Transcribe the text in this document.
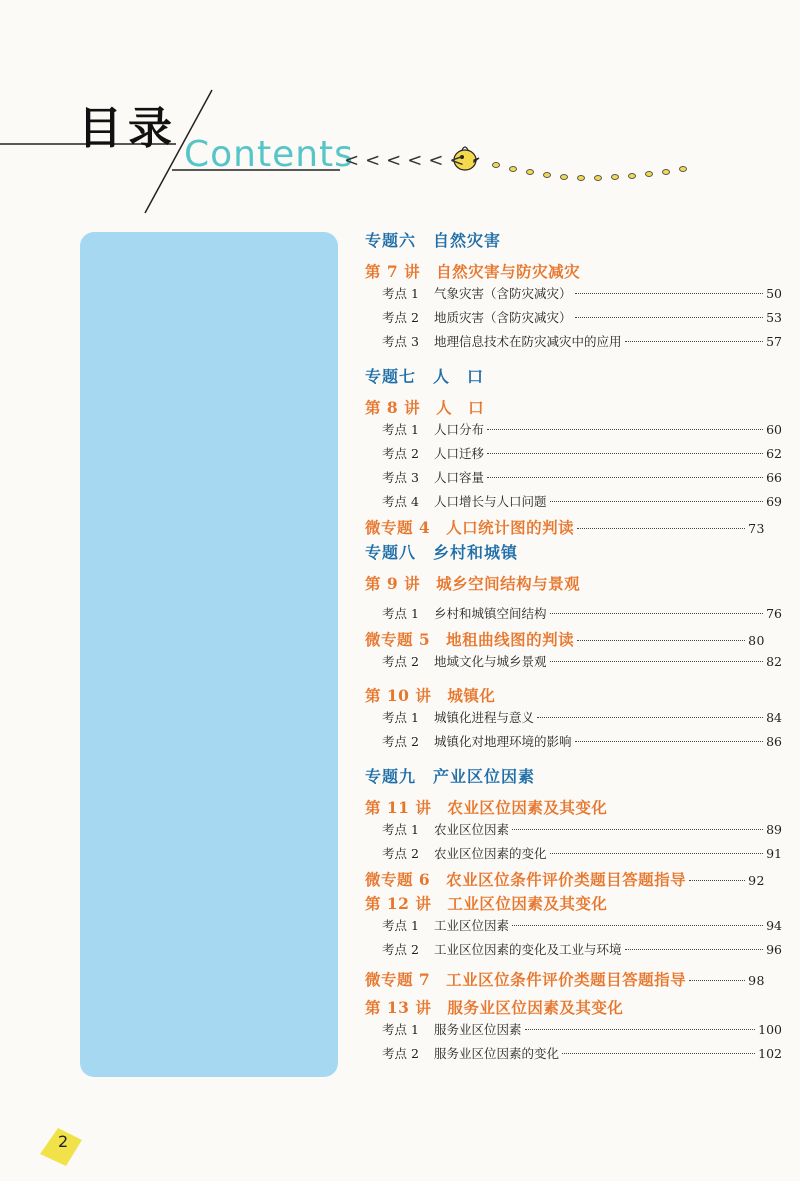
目录
Contents
<<<<<<
专题六　自然灾害
第 7 讲　自然灾害与防灾减灾
考点 1	气象灾害（含防灾减灾）	50
考点 2	地质灾害（含防灾减灾）	53
考点 3	地理信息技术在防灾减灾中的应用	57
专题七　人　口
第 8 讲　人　口
考点 1	人口分布	60
考点 2	人口迁移	62
考点 3	人口容量	66
考点 4	人口增长与人口问题	69
微专题 4　人口统计图的判读	73
专题八　乡村和城镇
第 9 讲　城乡空间结构与景观
考点 1	乡村和城镇空间结构	76
微专题 5　地租曲线图的判读	80
考点 2	地域文化与城乡景观	82
第 10 讲　城镇化
考点 1	城镇化进程与意义	84
考点 2	城镇化对地理环境的影响	86
专题九　产业区位因素
第 11 讲　农业区位因素及其变化
考点 1	农业区位因素	89
考点 2	农业区位因素的变化	91
微专题 6　农业区位条件评价类题目答题指导	92
第 12 讲　工业区位因素及其变化
考点 1	工业区位因素	94
考点 2	工业区位因素的变化及工业与环境	96
微专题 7　工业区位条件评价类题目答题指导	98
第 13 讲　服务业区位因素及其变化
考点 1	服务业区位因素	100
考点 2	服务业区位因素的变化	102
2
